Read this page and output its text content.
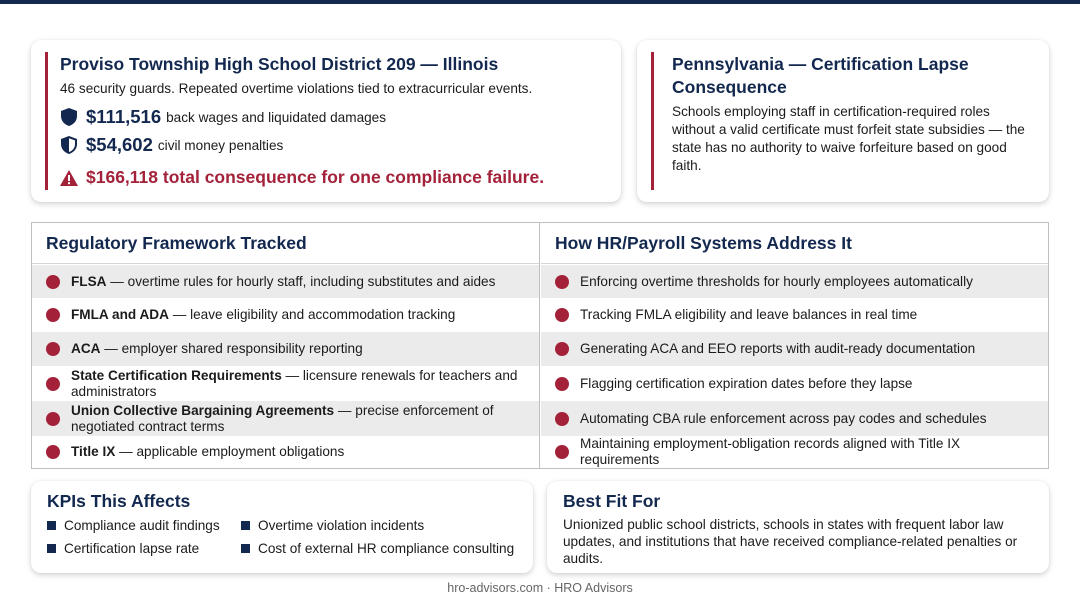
Proviso Township High School District 209 — Illinois
46 security guards. Repeated overtime violations tied to extracurricular events.
$111,516 back wages and liquidated damages
$54,602 civil money penalties
$166,118 total consequence for one compliance failure.
Pennsylvania — Certification Lapse Consequence
Schools employing staff in certification-required roles without a valid certificate must forfeit state subsidies — the state has no authority to waive forfeiture based on good faith.
Regulatory Framework Tracked
FLSA — overtime rules for hourly staff, including substitutes and aides
FMLA and ADA — leave eligibility and accommodation tracking
ACA — employer shared responsibility reporting
State Certification Requirements — licensure renewals for teachers and administrators
Union Collective Bargaining Agreements — precise enforcement of negotiated contract terms
Title IX — applicable employment obligations
How HR/Payroll Systems Address It
Enforcing overtime thresholds for hourly employees automatically
Tracking FMLA eligibility and leave balances in real time
Generating ACA and EEO reports with audit-ready documentation
Flagging certification expiration dates before they lapse
Automating CBA rule enforcement across pay codes and schedules
Maintaining employment-obligation records aligned with Title IX requirements
KPIs This Affects
Compliance audit findings	Overtime violation incidents
Certification lapse rate	Cost of external HR compliance consulting
Best Fit For
Unionized public school districts, schools in states with frequent labor law updates, and institutions that have received compliance-related penalties or audits.
hro-advisors.com · HRO Advisors
